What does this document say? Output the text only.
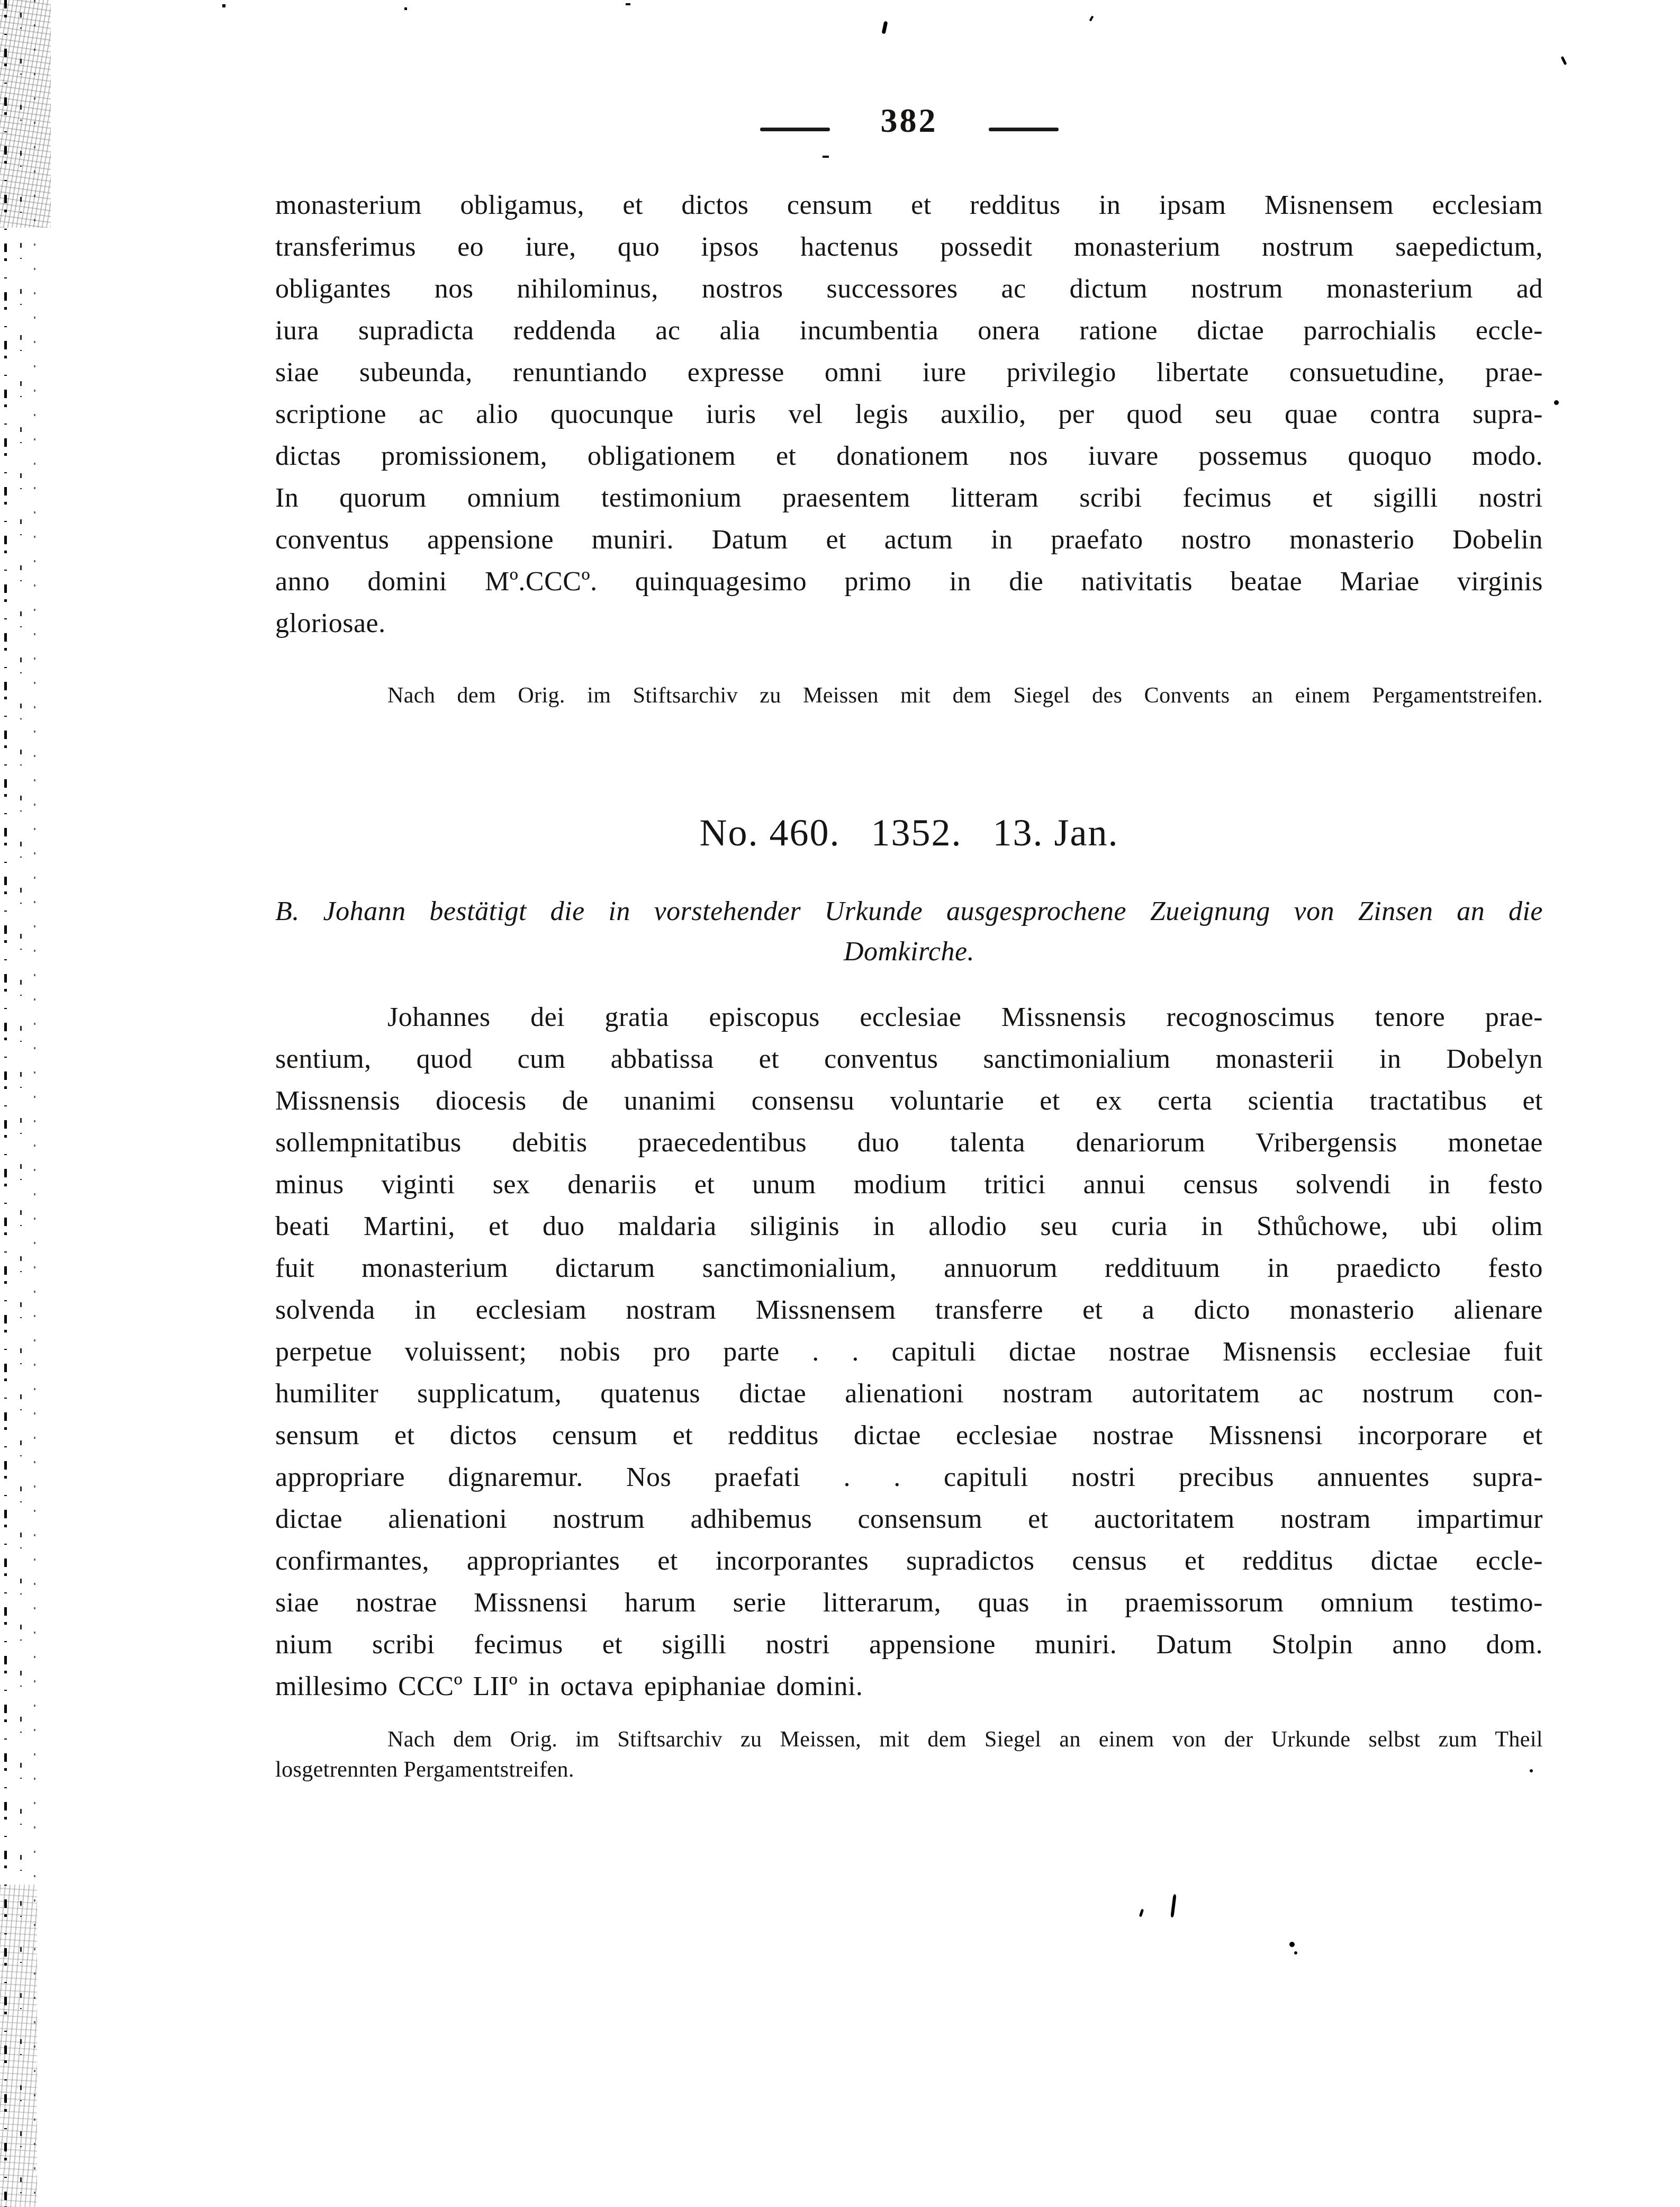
382
monasterium obligamus, et dictos censum et redditus in ipsam Misnensem ecclesiam
transferimus eo iure, quo ipsos hactenus possedit monasterium nostrum saepedictum,
obligantes nos nihilominus, nostros successores ac dictum nostrum monasterium ad
iura supradicta reddenda ac alia incumbentia onera ratione dictae parrochialis eccle-
siae subeunda, renuntiando expresse omni iure privilegio libertate consuetudine, prae-
scriptione ac alio quocunque iuris vel legis auxilio, per quod seu quae contra supra-
dictas promissionem, obligationem et donationem nos iuvare possemus quoquo modo.
In quorum omnium testimonium praesentem litteram scribi fecimus et sigilli nostri
conventus appensione muniri. Datum et actum in praefato nostro monasterio Dobelin
anno domini Mº.CCCº. quinquagesimo primo in die nativitatis beatae Mariae virginis
gloriosae.
Nach dem Orig. im Stiftsarchiv zu Meissen mit dem Siegel des Convents an einem Pergamentstreifen.
No. 460. 1352. 13. Jan.
B. Johann bestätigt die in vorstehender Urkunde ausgesprochene Zueignung von Zinsen an die
Domkirche.
Johannes dei gratia episcopus ecclesiae Missnensis recognoscimus tenore prae-
sentium, quod cum abbatissa et conventus sanctimonialium monasterii in Dobelyn
Missnensis diocesis de unanimi consensu voluntarie et ex certa scientia tractatibus et
sollempnitatibus debitis praecedentibus duo talenta denariorum Vribergensis monetae
minus viginti sex denariis et unum modium tritici annui census solvendi in festo
beati Martini, et duo maldaria siliginis in allodio seu curia in Sthůchowe, ubi olim
fuit monasterium dictarum sanctimonialium, annuorum reddituum in praedicto festo
solvenda in ecclesiam nostram Missnensem transferre et a dicto monasterio alienare
perpetue voluissent; nobis pro parte . . capituli dictae nostrae Misnensis ecclesiae fuit
humiliter supplicatum, quatenus dictae alienationi nostram autoritatem ac nostrum con-
sensum et dictos censum et redditus dictae ecclesiae nostrae Missnensi incorporare et
appropriare dignaremur. Nos praefati . . capituli nostri precibus annuentes supra-
dictae alienationi nostrum adhibemus consensum et auctoritatem nostram impartimur
confirmantes, appropriantes et incorporantes supradictos census et redditus dictae eccle-
siae nostrae Missnensi harum serie litterarum, quas in praemissorum omnium testimo-
nium scribi fecimus et sigilli nostri appensione muniri. Datum Stolpin anno dom.
millesimo CCCº LIIº in octava epiphaniae domini.
Nach dem Orig. im Stiftsarchiv zu Meissen, mit dem Siegel an einem von der Urkunde selbst zum Theil
losgetrennten Pergamentstreifen.
